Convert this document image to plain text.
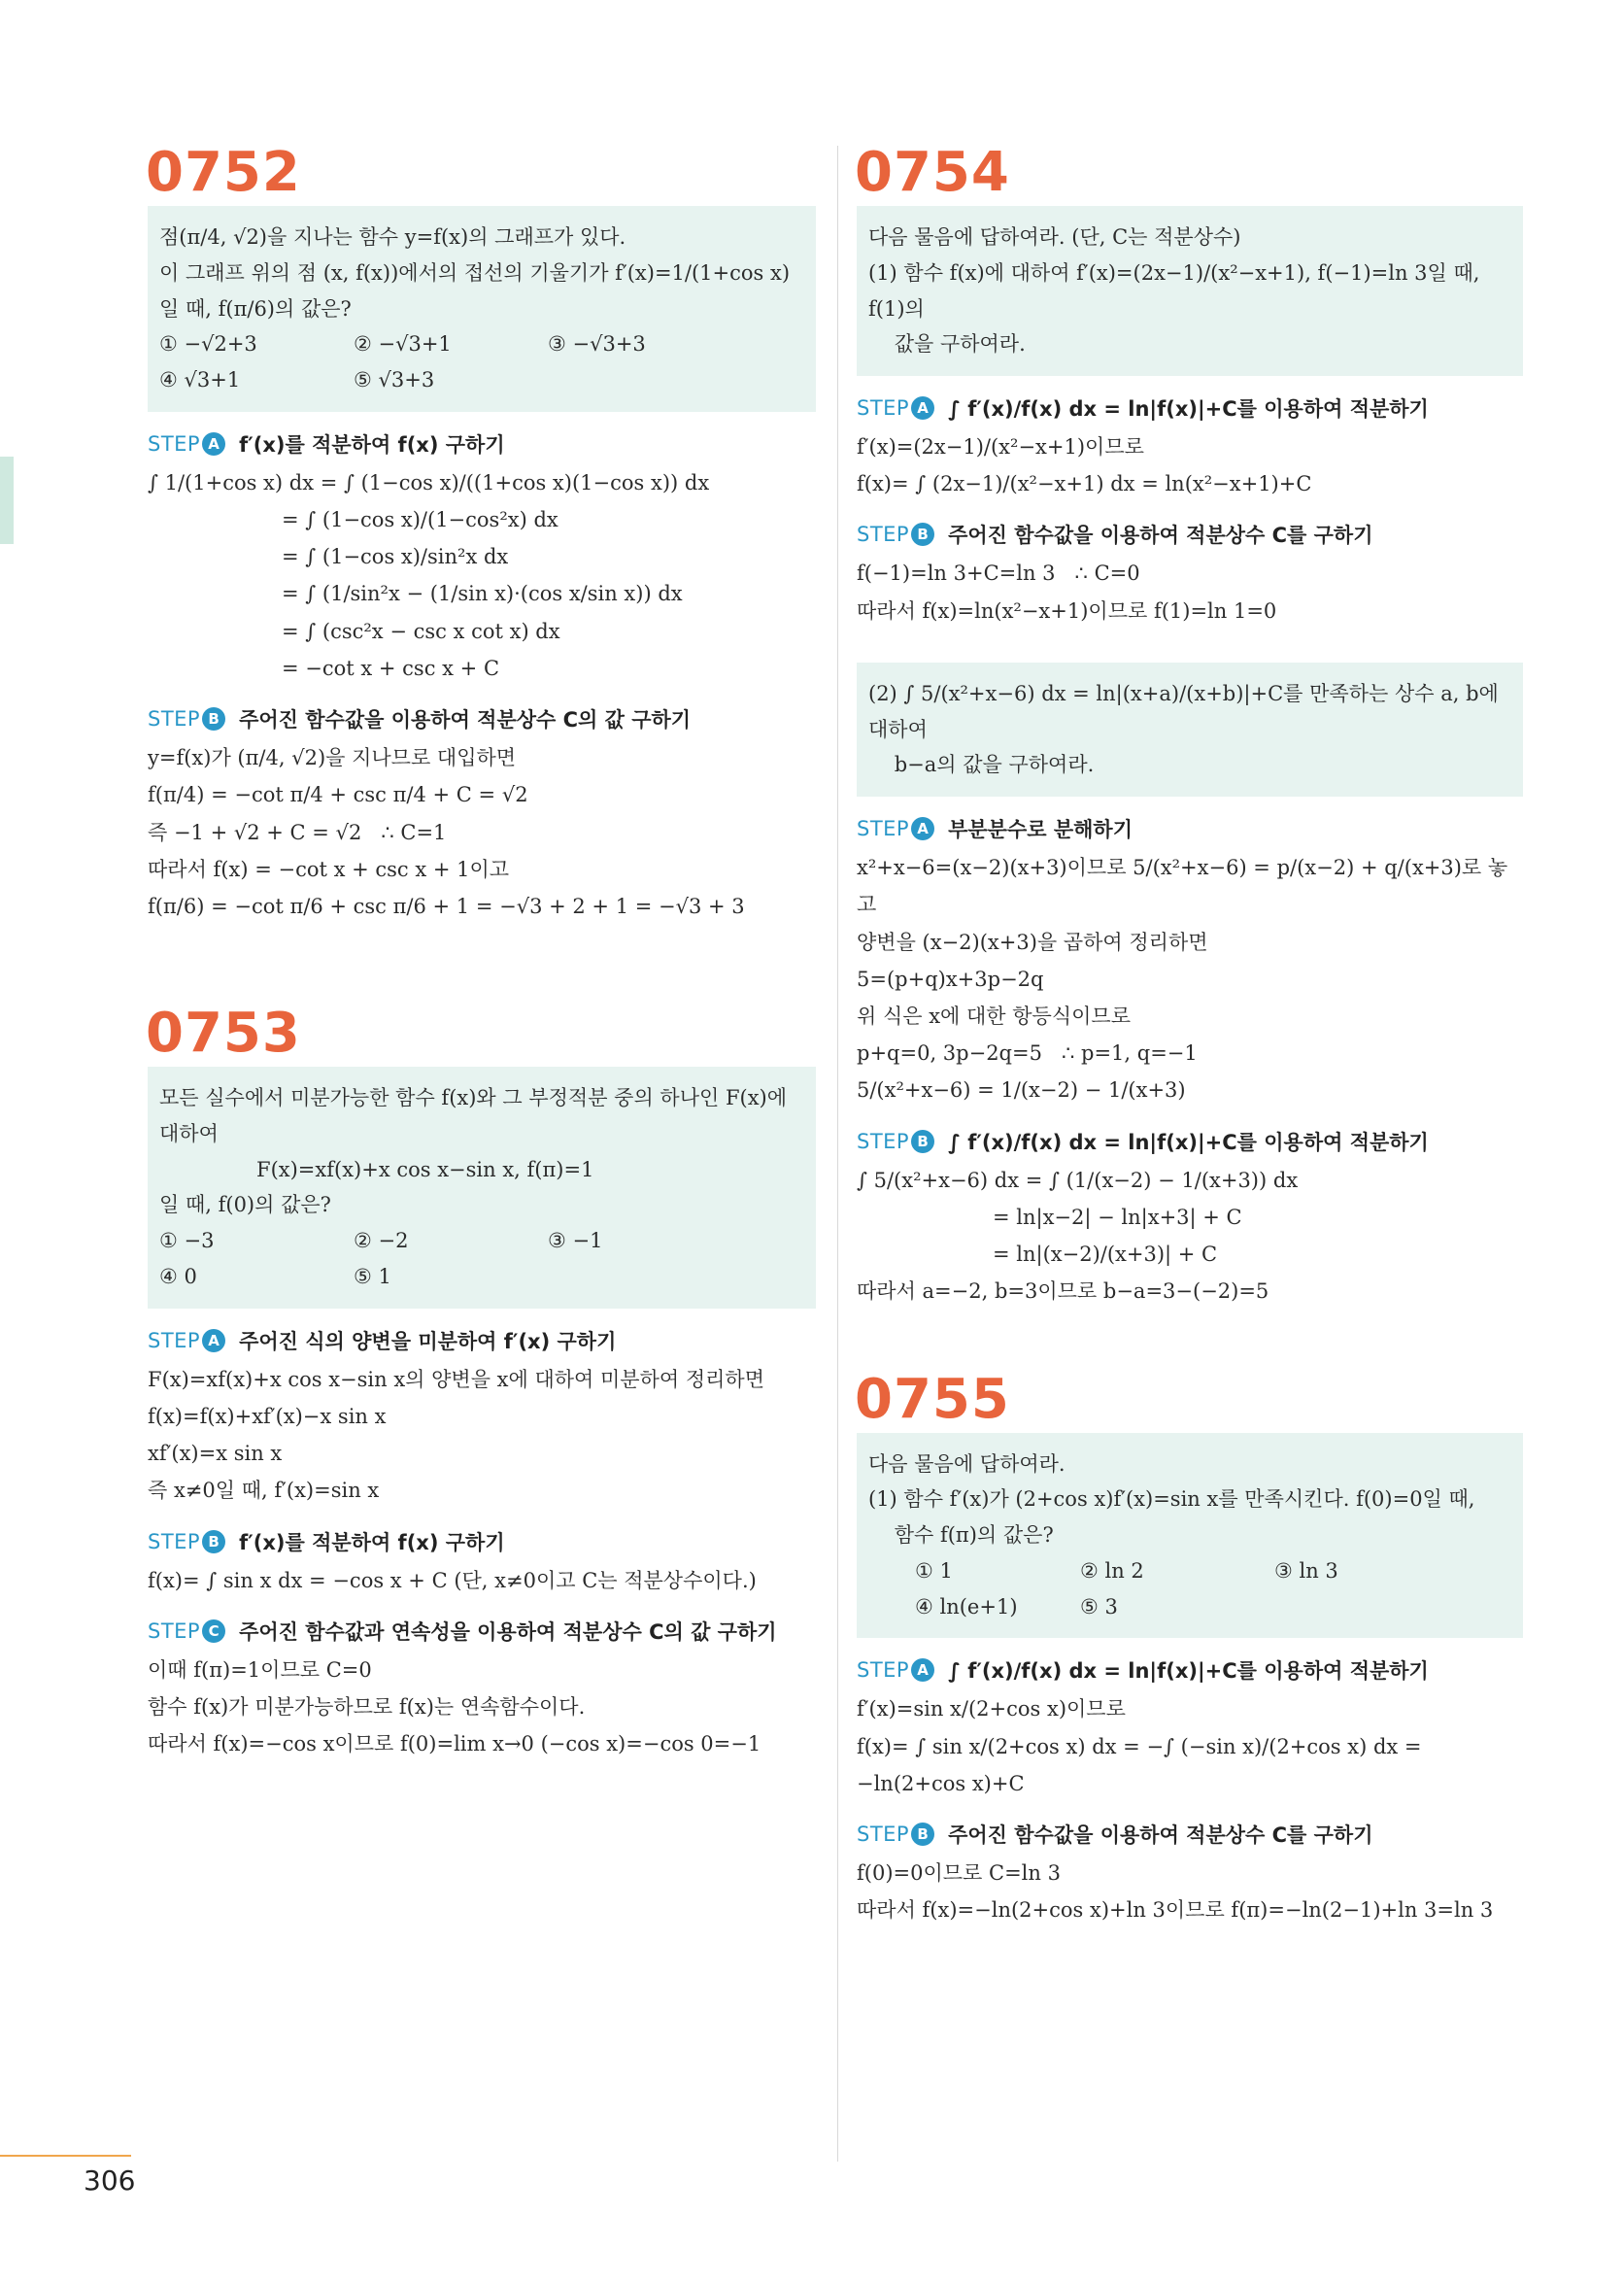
0752
점(π/4, √2)을 지나는 함수 y=f(x)의 그래프가 있다.
이 그래프 위의 점 (x, f(x))에서의 접선의 기울기가 f′(x)=1/(1+cos x)
일 때, f(π/6)의 값은?
① −√2+3	② −√3+1	③ −√3+3
④ √3+1	⑤ √3+3
STEP A f′(x)를 적분하여 f(x) 구하기
∫ 1/(1+cos x) dx = ∫ (1−cos x)/((1+cos x)(1−cos x)) dx
= ∫ (1−cos x)/(1−cos²x) dx
= ∫ (1−cos x)/sin²x dx
= ∫ (1/sin²x − (1/sin x)·(cos x/sin x)) dx
= ∫ (csc²x − csc x cot x) dx
= −cot x + csc x + C
STEP B 주어진 함수값을 이용하여 적분상수 C의 값 구하기
y=f(x)가 (π/4, √2)을 지나므로 대입하면
f(π/4) = −cot π/4 + csc π/4 + C = √2
즉 −1 + √2 + C = √2   ∴ C=1
따라서 f(x) = −cot x + csc x + 1이고
f(π/6) = −cot π/6 + csc π/6 + 1 = −√3 + 2 + 1 = −√3 + 3
0753
모든 실수에서 미분가능한 함수 f(x)와 그 부정적분 중의 하나인 F(x)에
대하여
F(x)=xf(x)+x cos x−sin x, f(π)=1
일 때, f(0)의 값은?
① −3	② −2	③ −1
④ 0	⑤ 1
STEP A 주어진 식의 양변을 미분하여 f′(x) 구하기
F(x)=xf(x)+x cos x−sin x의 양변을 x에 대하여 미분하여 정리하면
f(x)=f(x)+xf′(x)−x sin x
xf′(x)=x sin x
즉 x≠0일 때, f′(x)=sin x
STEP B f′(x)를 적분하여 f(x) 구하기
f(x)= ∫ sin x dx = −cos x + C (단, x≠0이고 C는 적분상수이다.)
STEP C 주어진 함수값과 연속성을 이용하여 적분상수 C의 값 구하기
이때 f(π)=1이므로 C=0
함수 f(x)가 미분가능하므로 f(x)는 연속함수이다.
따라서 f(x)=−cos x이므로 f(0)=lim x→0 (−cos x)=−cos 0=−1
0754
다음 물음에 답하여라. (단, C는 적분상수)
(1) 함수 f(x)에 대하여 f′(x)=(2x−1)/(x²−x+1), f(−1)=ln 3일 때, f(1)의
값을 구하여라.
STEP A ∫ f′(x)/f(x) dx = ln|f(x)|+C를 이용하여 적분하기
f′(x)=(2x−1)/(x²−x+1)이므로
f(x)= ∫ (2x−1)/(x²−x+1) dx = ln(x²−x+1)+C
STEP B 주어진 함수값을 이용하여 적분상수 C를 구하기
f(−1)=ln 3+C=ln 3   ∴ C=0
따라서 f(x)=ln(x²−x+1)이므로 f(1)=ln 1=0
(2) ∫ 5/(x²+x−6) dx = ln|(x+a)/(x+b)|+C를 만족하는 상수 a, b에 대하여
b−a의 값을 구하여라.
STEP A 부분분수로 분해하기
x²+x−6=(x−2)(x+3)이므로 5/(x²+x−6) = p/(x−2) + q/(x+3)로 놓고
양변을 (x−2)(x+3)을 곱하여 정리하면
5=(p+q)x+3p−2q
위 식은 x에 대한 항등식이므로
p+q=0, 3p−2q=5   ∴ p=1, q=−1
5/(x²+x−6) = 1/(x−2) − 1/(x+3)
STEP B ∫ f′(x)/f(x) dx = ln|f(x)|+C를 이용하여 적분하기
∫ 5/(x²+x−6) dx = ∫ (1/(x−2) − 1/(x+3)) dx
= ln|x−2| − ln|x+3| + C
= ln|(x−2)/(x+3)| + C
따라서 a=−2, b=3이므로 b−a=3−(−2)=5
0755
다음 물음에 답하여라.
(1) 함수 f′(x)가 (2+cos x)f′(x)=sin x를 만족시킨다. f(0)=0일 때,
함수 f(π)의 값은?
① 1	② ln 2	③ ln 3
④ ln(e+1)	⑤ 3
STEP A ∫ f′(x)/f(x) dx = ln|f(x)|+C를 이용하여 적분하기
f′(x)=sin x/(2+cos x)이므로
f(x)= ∫ sin x/(2+cos x) dx = −∫ (−sin x)/(2+cos x) dx = −ln(2+cos x)+C
STEP B 주어진 함수값을 이용하여 적분상수 C를 구하기
f(0)=0이므로 C=ln 3
따라서 f(x)=−ln(2+cos x)+ln 3이므로 f(π)=−ln(2−1)+ln 3=ln 3
306
